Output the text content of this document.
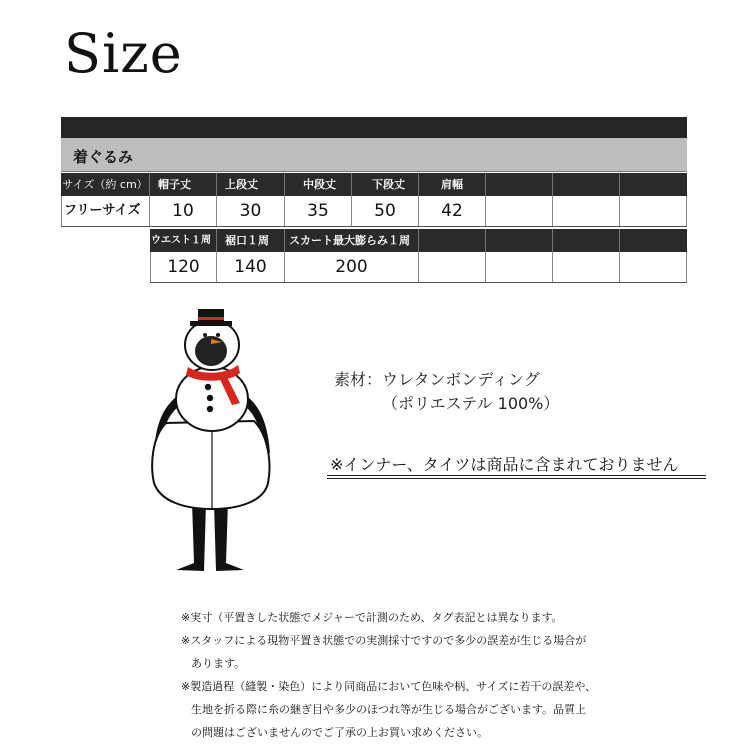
Size
着ぐるみ
サイズ（約 cm） 帽子丈	上段丈	中段丈	下段丈	肩幅
フリーサイズ	10	30	35	50	42
ウエスト１周	裾口１周	スカート最大膨らみ１周
120	140	200
素材：ウレタンボンディング
（ポリエステル 100%）
※インナー、タイツは商品に含まれておりません
※実寸（平置きした状態でメジャーで計測のため、タグ表記とは異なります。
※スタッフによる現物平置き状態での実測採寸ですので多少の誤差が生じる場合が
あります。
※製造過程（縫製・染色）により同商品において色味や柄、サイズに若干の誤差や、
生地を折る際に糸の継ぎ目や多少のほつれ等が生じる場合がございます。品質上
の問題はございませんのでご了承の上お買い求めください。
